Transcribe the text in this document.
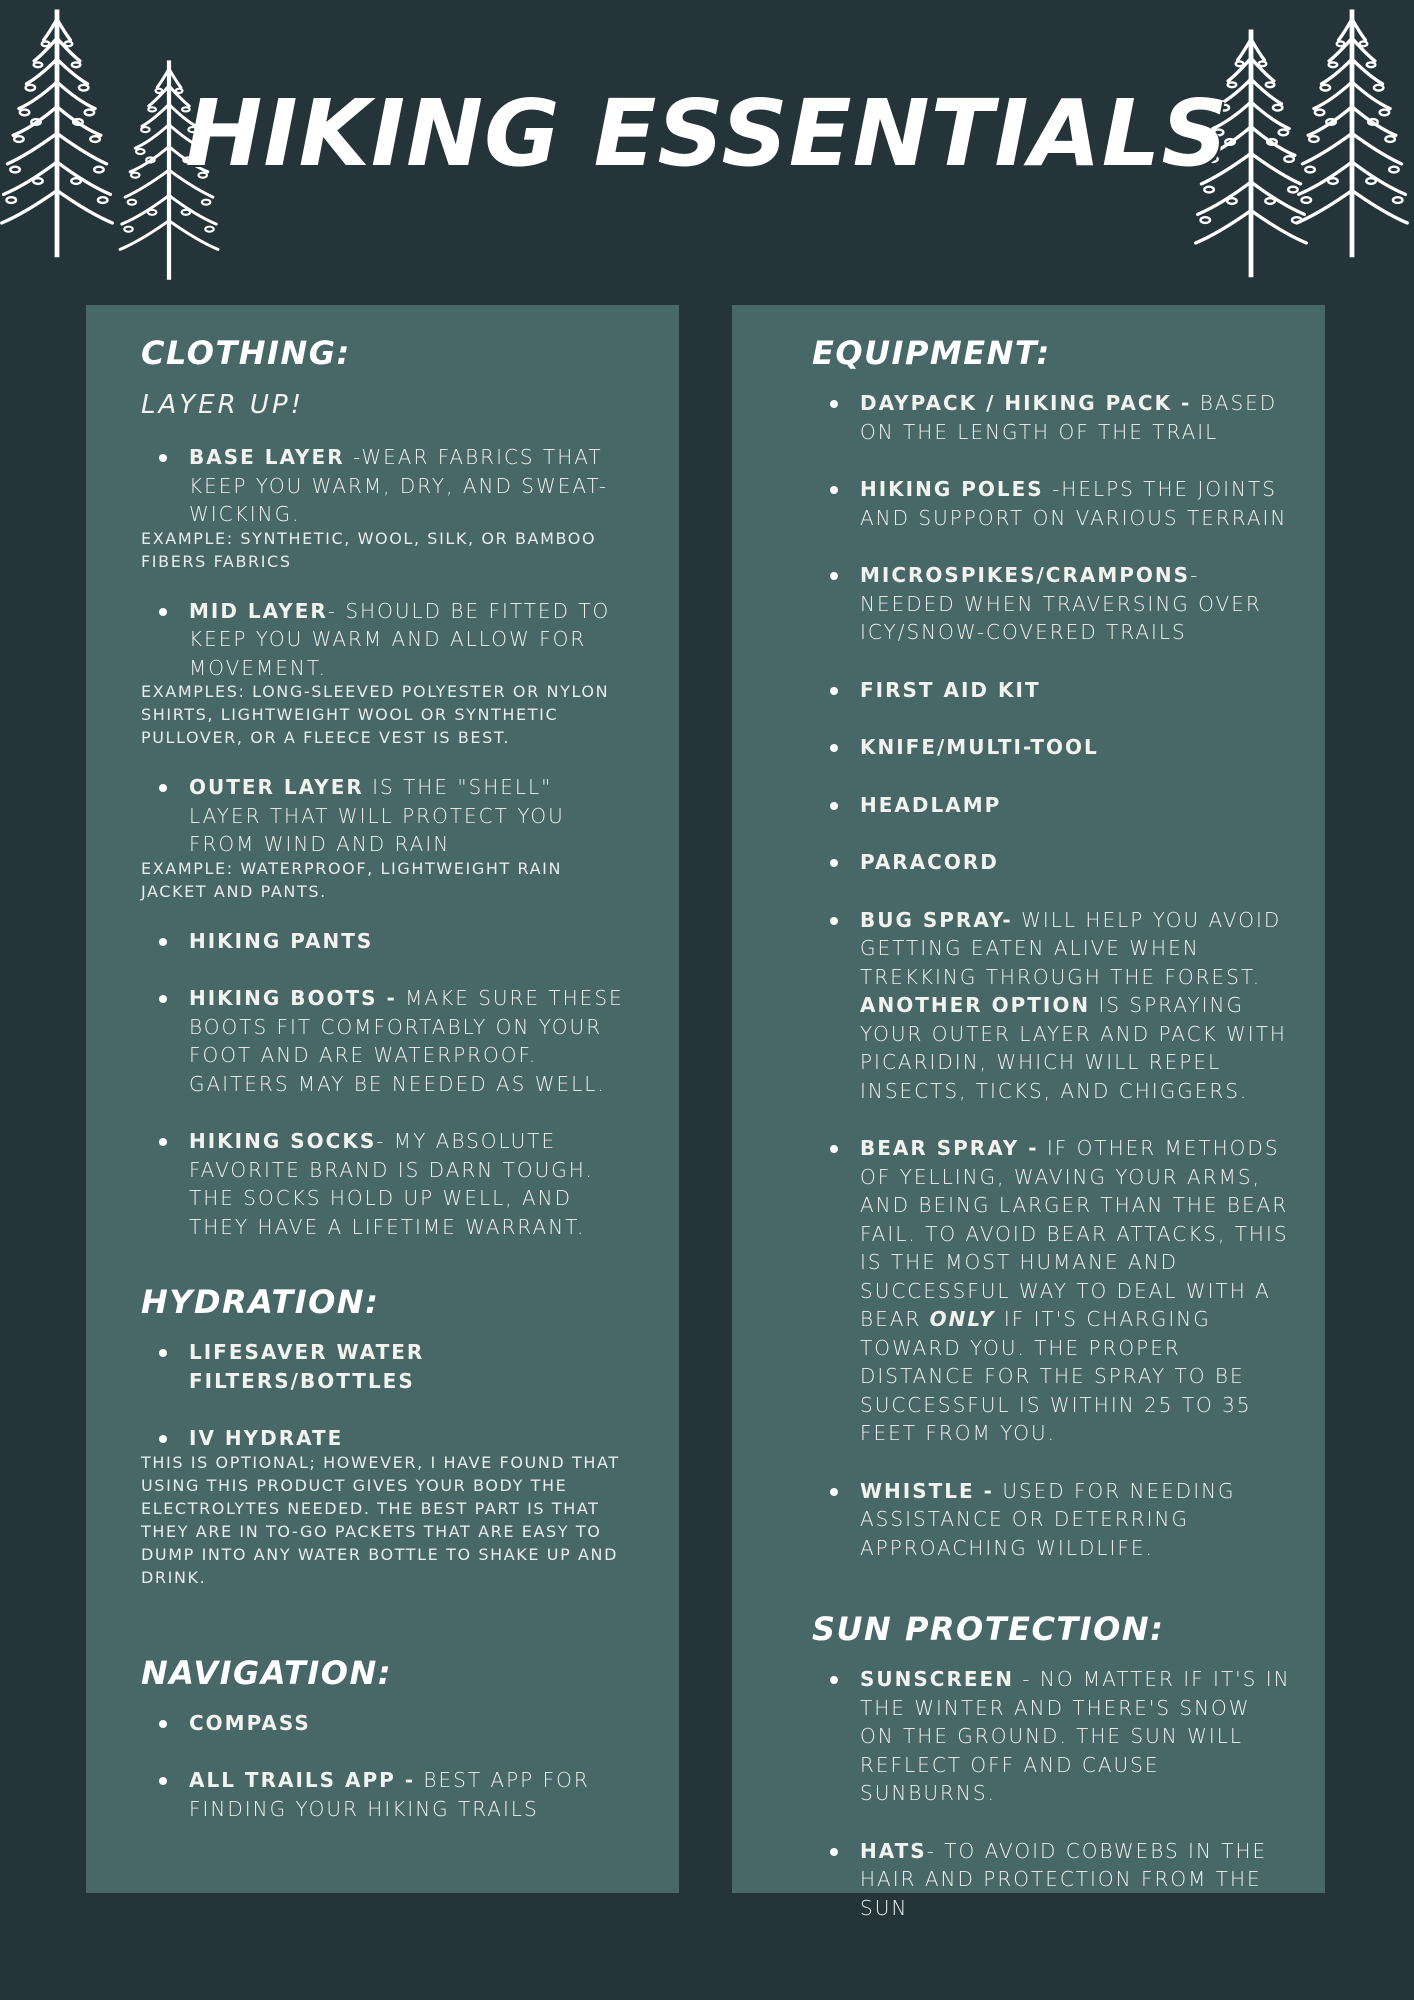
HIKING ESSENTIALS
CLOTHING:
LAYER UP!
BASE LAYER -WEAR FABRICS THAT KEEP YOU WARM, DRY, AND SWEAT-WICKING.
EXAMPLE: SYNTHETIC, WOOL, SILK, OR BAMBOO FIBERS FABRICS
MID LAYER- SHOULD BE FITTED TO KEEP YOU WARM AND ALLOW FOR MOVEMENT.
EXAMPLES: LONG-SLEEVED POLYESTER OR NYLON SHIRTS, LIGHTWEIGHT WOOL OR SYNTHETIC PULLOVER, OR A FLEECE VEST IS BEST.
OUTER LAYER IS THE "SHELL" LAYER THAT WILL PROTECT YOU FROM WIND AND RAIN
EXAMPLE: WATERPROOF, LIGHTWEIGHT RAIN JACKET AND PANTS.
HIKING PANTS
HIKING BOOTS - MAKE SURE THESE BOOTS FIT COMFORTABLY ON YOUR FOOT AND ARE WATERPROOF. GAITERS MAY BE NEEDED AS WELL.
HIKING SOCKS- MY ABSOLUTE FAVORITE BRAND IS DARN TOUGH. THE SOCKS HOLD UP WELL, AND THEY HAVE A LIFETIME WARRANT.
HYDRATION:
LIFESAVER WATER FILTERS/BOTTLES
IV HYDRATE
THIS IS OPTIONAL; HOWEVER, I HAVE FOUND THAT USING THIS PRODUCT GIVES YOUR BODY THE ELECTROLYTES NEEDED. THE BEST PART IS THAT THEY ARE IN TO-GO PACKETS THAT ARE EASY TO DUMP INTO ANY WATER BOTTLE TO SHAKE UP AND DRINK.
NAVIGATION:
COMPASS
ALL TRAILS APP - BEST APP FOR FINDING YOUR HIKING TRAILS
EQUIPMENT:
DAYPACK / HIKING PACK - BASED ON THE LENGTH OF THE TRAIL
HIKING POLES -HELPS THE JOINTS AND SUPPORT ON VARIOUS TERRAIN
MICROSPIKES/CRAMPONS- NEEDED WHEN TRAVERSING OVER ICY/SNOW-COVERED TRAILS
FIRST AID KIT
KNIFE/MULTI-TOOL
HEADLAMP
PARACORD
BUG SPRAY- WILL HELP YOU AVOID GETTING EATEN ALIVE WHEN TREKKING THROUGH THE FOREST. ANOTHER OPTION IS SPRAYING YOUR OUTER LAYER AND PACK WITH PICARIDIN, WHICH WILL REPEL INSECTS, TICKS, AND CHIGGERS.
BEAR SPRAY - IF OTHER METHODS OF YELLING, WAVING YOUR ARMS, AND BEING LARGER THAN THE BEAR FAIL. TO AVOID BEAR ATTACKS, THIS IS THE MOST HUMANE AND SUCCESSFUL WAY TO DEAL WITH A BEAR ONLY IF IT'S CHARGING TOWARD YOU. THE PROPER DISTANCE FOR THE SPRAY TO BE SUCCESSFUL IS WITHIN 25 TO 35 FEET FROM YOU.
WHISTLE - USED FOR NEEDING ASSISTANCE OR DETERRING APPROACHING WILDLIFE.
SUN PROTECTION:
SUNSCREEN - NO MATTER IF IT'S IN THE WINTER AND THERE'S SNOW ON THE GROUND. THE SUN WILL REFLECT OFF AND CAUSE SUNBURNS.
HATS- TO AVOID COBWEBS IN THE HAIR AND PROTECTION FROM THE SUN
